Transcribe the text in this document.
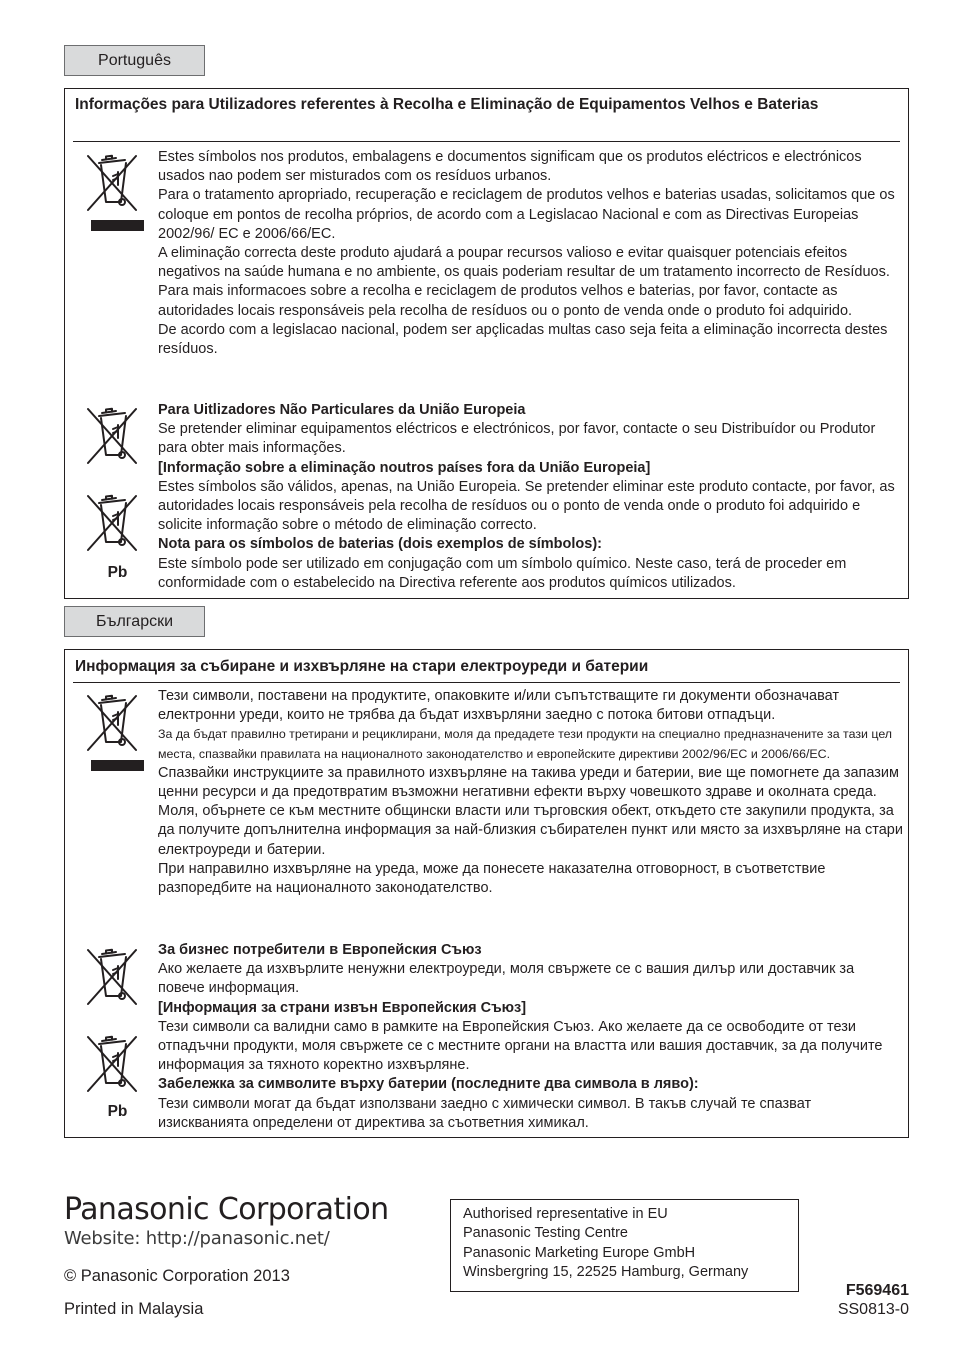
Português
Informações para Utilizadores referentes à Recolha e Eliminação de Equipamentos Velhos e Baterias

Estes símbolos nos produtos, embalagens e documentos significam que os produtos eléctricos e electrónicos usados nao podem ser misturados com os resíduos urbanos.

Para o tratamento apropriado, recuperação e reciclagem de produtos velhos e baterias usadas, solicitamos que os coloque em pontos de recolha próprios, de acordo com a Legislacao Nacional e com as Directivas Europeias 2002/96/ EC e 2006/66/EC.

A eliminação correcta deste produto ajudará a poupar recursos valioso e evitar quaisquer potenciais efeitos negativos na saúde humana e no ambiente, os quais poderiam resultar de um tratamento incorrecto de Resíduos.

Para mais informacoes sobre a recolha e reciclagem de produtos velhos e baterias, por favor, contacte as autoridades locais responsáveis pela recolha de resíduos ou o ponto de venda onde o produto foi adquirido.

De acordo com a legislacao nacional, podem ser apçlicadas multas caso seja feita a eliminação incorrecta destes resíduos.

Pb

Para Uitlizadores Não Particulares da União Europeia

Se pretender eliminar equipamentos eléctricos e electrónicos, por favor, contacte o seu Distribuídor ou Produtor para obter mais informações.

[Informação sobre a eliminação noutros países fora da União Europeia]

Estes símbolos são válidos, apenas, na União Europeia. Se pretender eliminar este produto contacte, por favor, as autoridades locais responsáveis pela recolha de resíduos ou o ponto de venda onde o produto foi adquirido e solicite informação sobre o método de eliminação correcto.

Nota para os símbolos de baterias (dois exemplos de símbolos):

Este símbolo pode ser utilizado em conjugação com um símbolo químico. Neste caso, terá de proceder em conformidade com o estabelecido na Directiva referente aos produtos químicos utilizados.

Български
Информация за събиране и изхвърляне на стари електроуреди и батерии

Тези символи, поставени на продуктите, опаковките и/или съпътстващите ги документи обозначават електронни уреди, които не трябва да бъдат изхвърляни заедно с потока битови отпадъци.

За да бъдат правилно третирани и рециклирани, моля да предадете тези продукти на специално предназначените за тази цел места, спазвайки правилата на националното законодателство и европейските директиви 2002/96/EC и 2006/66/EC.

Спазвайки инструкциите за правилното изхвърляне на такива уреди и батерии, вие ще помогнете да запазим ценни ресурси и да предотвратим възможни негативни ефекти върху човешкото здраве и околната среда. Моля, обърнете се към местните общински власти или търговския обект, откъдето сте закупили продукта, за да получите допълнителна информация за най-близкия събирателен пункт или място за изхвърляне на стари електроуреди и батерии.

При направилно изхвърляне на уреда, може да понесете наказателна отговорност, в съответствие разпоредбите на националното законодателство.

Pb

За бизнес потребители в Европейския Съюз

Ако желаете да изхвърлите ненужни електроуреди, моля свържете се с вашия дилър или доставчик за повече информация.

[Информация за страни извън Европейския Съюз]

Тези символи са валидни само в рамките на Европейския Съюз. Ако желаете да се освободите от тези отпадъчни продукти, моля свържете се с местните органи на властта или вашия доставчик, за да получите информация за тяхното коректно изхвърляне.

Забележка за символите върху батерии (последните два символа в ляво):

Тези символи могат да бъдат използвани заедно с химически символ. В такъв случай те спазват изискванията определени от директива за съответния химикал.

Panasonic Corporation
Website: http://panasonic.net/
© Panasonic Corporation 2013
Printed in Malaysia
Authorised representative in EU
Panasonic Testing Centre
Panasonic Marketing Europe GmbH
Winsbergring 15, 22525 Hamburg, Germany
F569461
SS0813-0
